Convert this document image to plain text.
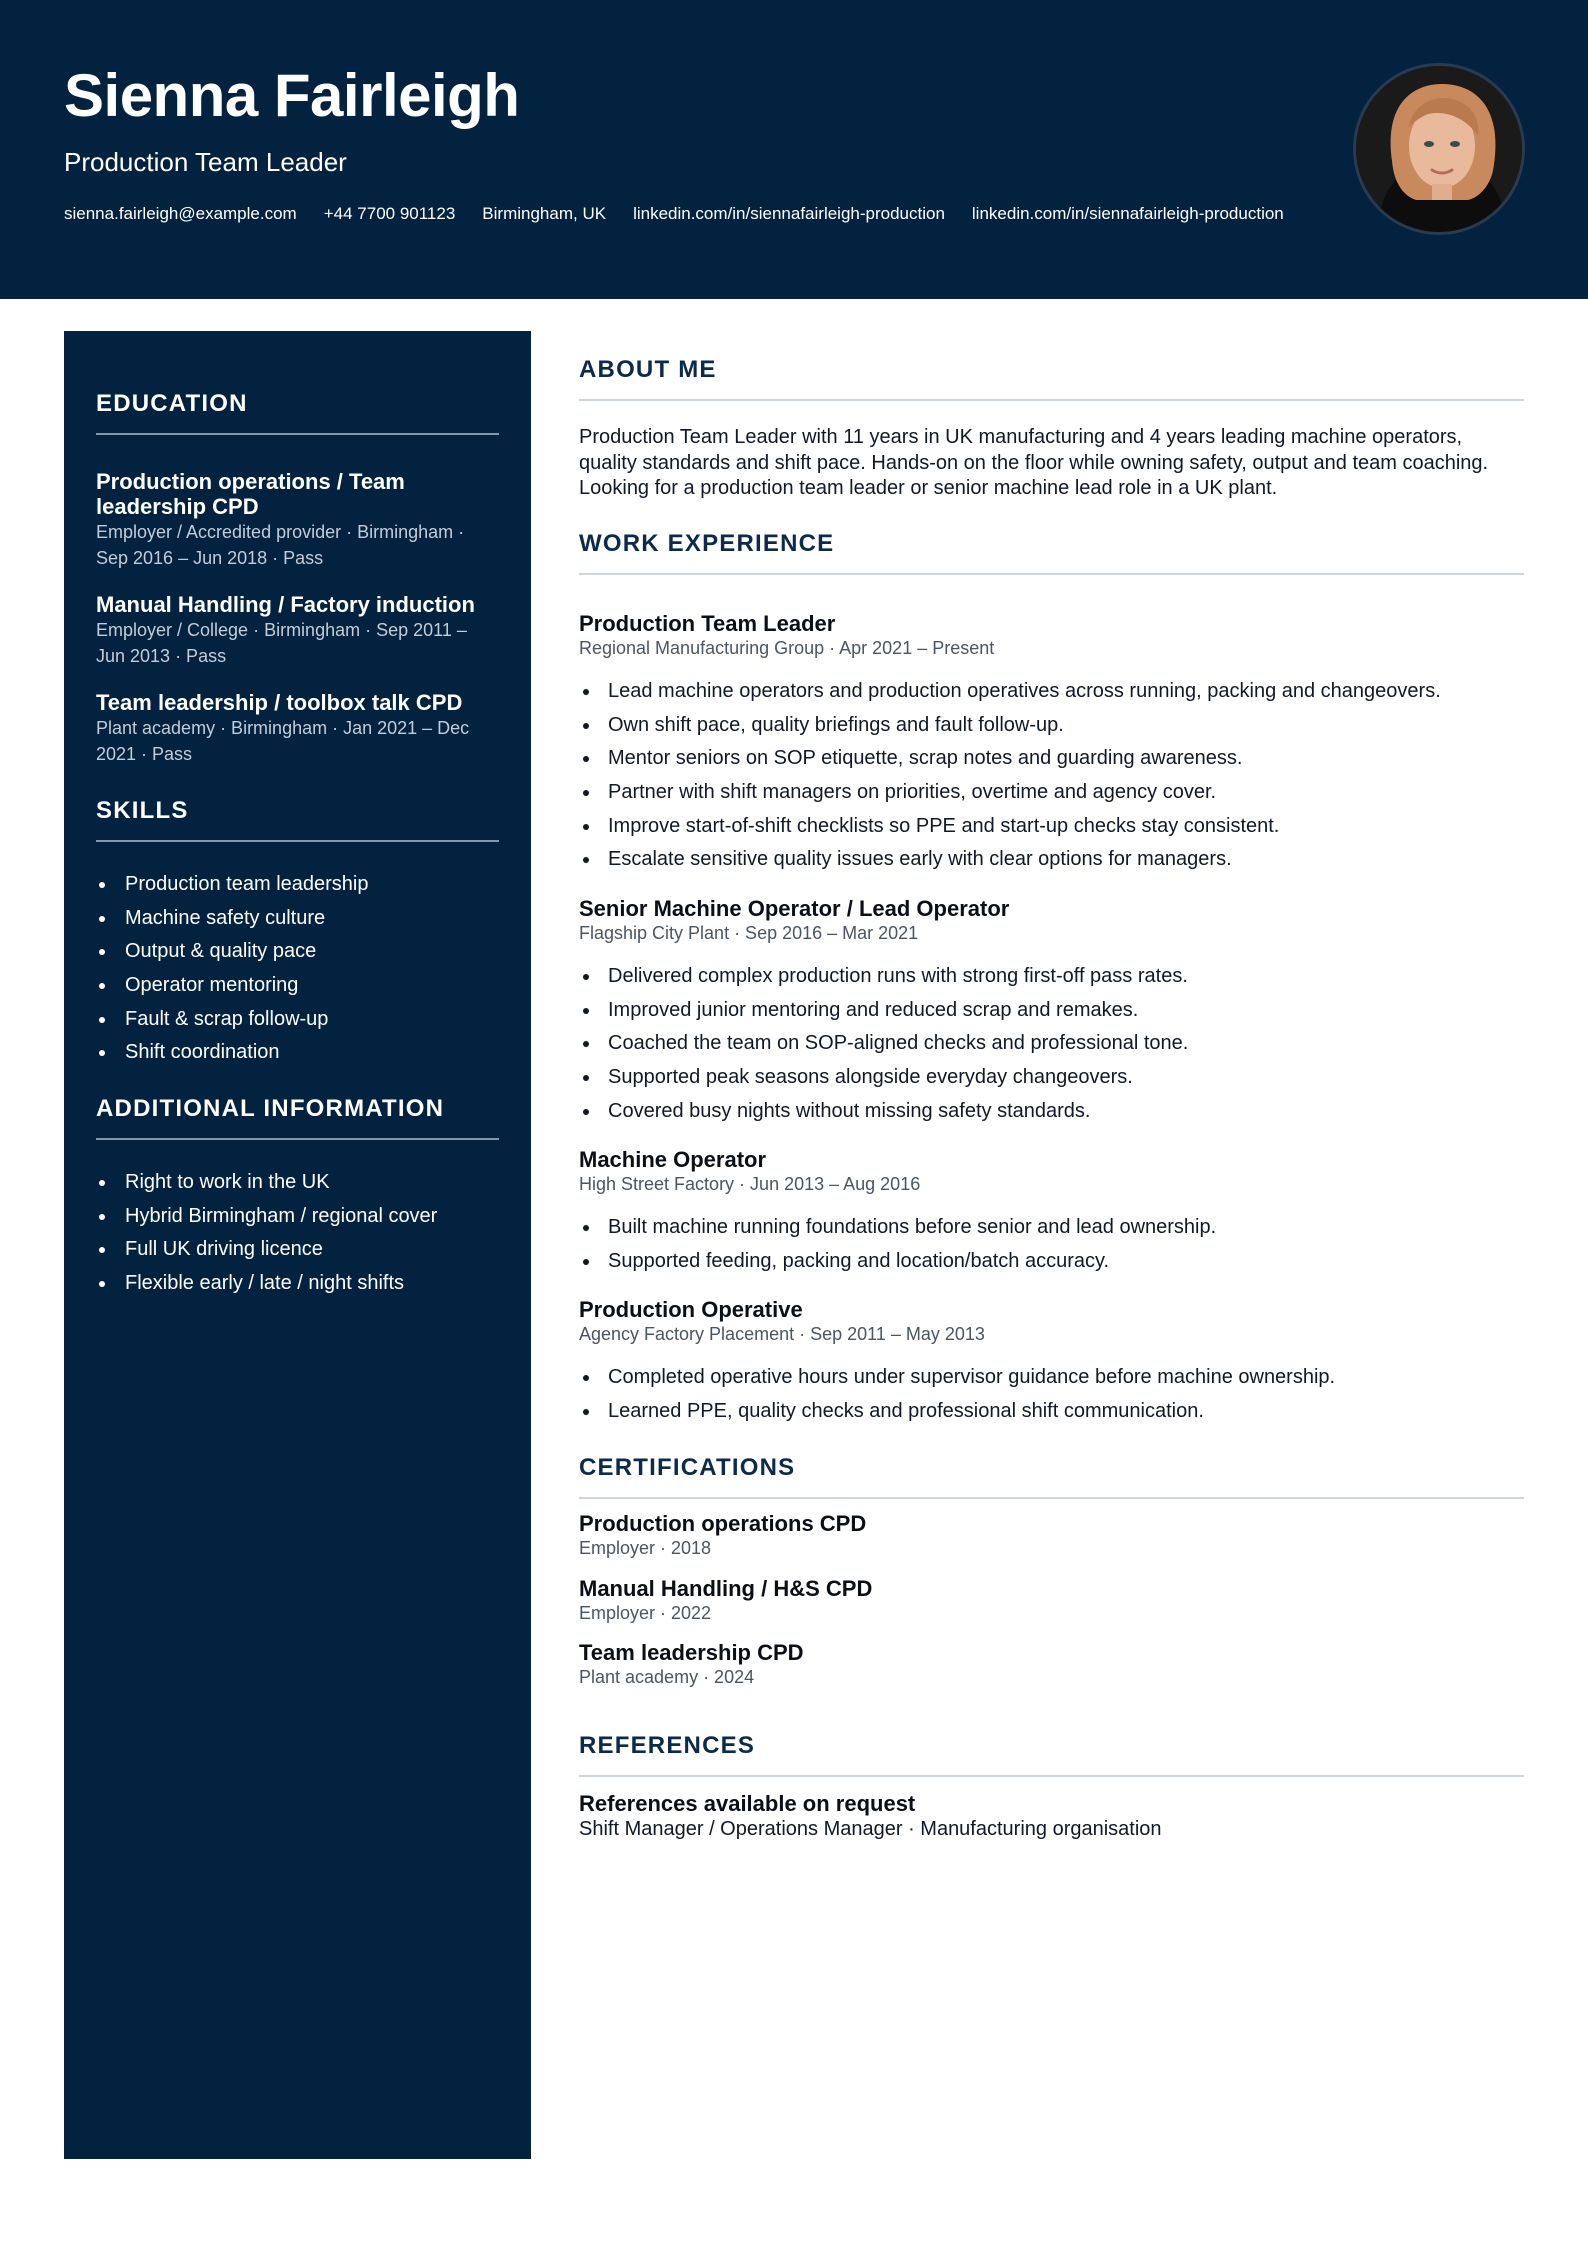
Sienna Fairleigh
Production Team Leader
sienna.fairleigh@example.com +44 7700 901123 Birmingham, UK linkedin.com/in/siennafairleigh-production linkedin.com/in/siennafairleigh-production
EDUCATION
Production operations / Team leadership CPD
Employer / Accredited provider · Birmingham · Sep 2016 – Jun 2018 · Pass
Manual Handling / Factory induction
Employer / College · Birmingham · Sep 2011 – Jun 2013 · Pass
Team leadership / toolbox talk CPD
Plant academy · Birmingham · Jan 2021 – Dec 2021 · Pass
SKILLS
Production team leadership
Machine safety culture
Output & quality pace
Operator mentoring
Fault & scrap follow-up
Shift coordination
ADDITIONAL INFORMATION
Right to work in the UK
Hybrid Birmingham / regional cover
Full UK driving licence
Flexible early / late / night shifts
ABOUT ME
Production Team Leader with 11 years in UK manufacturing and 4 years leading machine operators, quality standards and shift pace. Hands-on on the floor while owning safety, output and team coaching. Looking for a production team leader or senior machine lead role in a UK plant.
WORK EXPERIENCE
Production Team Leader
Regional Manufacturing Group · Apr 2021 – Present
Lead machine operators and production operatives across running, packing and changeovers.
Own shift pace, quality briefings and fault follow-up.
Mentor seniors on SOP etiquette, scrap notes and guarding awareness.
Partner with shift managers on priorities, overtime and agency cover.
Improve start-of-shift checklists so PPE and start-up checks stay consistent.
Escalate sensitive quality issues early with clear options for managers.
Senior Machine Operator / Lead Operator
Flagship City Plant · Sep 2016 – Mar 2021
Delivered complex production runs with strong first-off pass rates.
Improved junior mentoring and reduced scrap and remakes.
Coached the team on SOP-aligned checks and professional tone.
Supported peak seasons alongside everyday changeovers.
Covered busy nights without missing safety standards.
Machine Operator
High Street Factory · Jun 2013 – Aug 2016
Built machine running foundations before senior and lead ownership.
Supported feeding, packing and location/batch accuracy.
Production Operative
Agency Factory Placement · Sep 2011 – May 2013
Completed operative hours under supervisor guidance before machine ownership.
Learned PPE, quality checks and professional shift communication.
CERTIFICATIONS
Production operations CPD
Employer · 2018
Manual Handling / H&S CPD
Employer · 2022
Team leadership CPD
Plant academy · 2024
REFERENCES
References available on request
Shift Manager / Operations Manager · Manufacturing organisation
